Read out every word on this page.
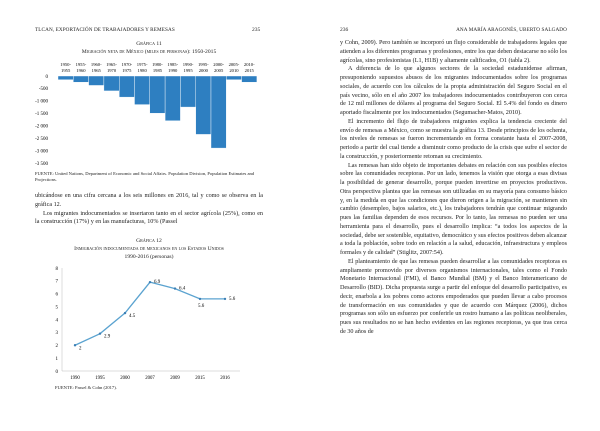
TLCAN, EXPORTACIÓN DE TRABAJADORES Y REMESAS	235
Gráfica 11
Migración neta de México (miles de personas): 1950-2015
0
-500
-1 000
-1 500
-2 000
-2 500
-3 000
-3 500
1950-
1955
1955-
1960
1960-
1965
1965-
1970
1970-
1975
1975-
1980
1980-
1985
1985-
1990
1990-
1995
1995-
2000
2000-
2005
2005-
2010
2010-
2015
FUENTE: United Nations, Department of Economic and Social Affairs. Population Division, Population Estimates and Projections.

ubicándose en una cifra cercana a los seis millones en 2016, tal y como se observa en la gráfica 12.

Los migrantes indocumentados se insertaron tanto en el sector agrícola (25%), como en la construcción (17%) y en las manufacturas, 10% (Passel

Gráfica 12
Inmigración indocumentada de mexicanos en los Estados Unidos
1990-2016 (personas)
0
1
2
3
4
5
6
7
8
2
1990
2.9
1995
4.5
2000
6.9
2007
6.4
2009
5.6
2015
5.6
2016
FUENTE: Passel & Cohn (2017).
236	ANA MARÍA ARAGONÉS, UBERTO SALGADO

y Cohn, 2009). Pero también se incorporó un flujo considerable de trabajadores legales que atienden a los diferentes programas y profesiones, entre los que deben destacarse no sólo los agrícolas, sino profesionistas (L1, H1B) y altamente calificados, O1 (tabla 2).

A diferencia de lo que algunos sectores de la sociedad estadunidense afirman, presuponiendo supuestos abusos de los migrantes indocumentados sobre los programas sociales, de acuerdo con los cálculos de la propia administración del Seguro Social en el país vecino, sólo en el año 2007 los trabajadores indocumentados contribuyeron con cerca de 12 mil millones de dólares al programa del Seguro Social. El 5.4% del fondo es dinero aportado fiscalmente por los indocumentados (Segumacher-Matos, 2010).

El incremento del flujo de trabajadores migrantes explica la tendencia creciente del envío de remesas a México, como se muestra la gráfica 13. Desde principios de los ochenta, los niveles de remesas se fueron incrementando en forma constante hasta el 2007-2008, periodo a partir del cual tiende a disminuir como producto de la crisis que sufre el sector de la construcción, y posteriormente retoman su crecimiento.

Las remesas han sido objeto de importantes debates en relación con sus posibles efectos sobre las comunidades receptoras. Por un lado, tenemos la visión que otorga a esas divisas la posibilidad de generar desarrollo, porque pueden invertirse en proyectos productivos. Otra perspectiva plantea que las remesas son utilizadas en su mayoría para consumo básico y, en la medida en que las condiciones que dieron origen a la migración, se mantienen sin cambio (desempleo, bajos salarios, etc.), los trabajadores tendrán que continuar migrando pues las familias dependen de esos recursos. Por lo tanto, las remesas no pueden ser una herramienta para el desarrollo, pues el desarrollo implica: “a todos los aspectos de la sociedad, debe ser sostenible, equitativo, democrático y sus efectos positivos deben alcanzar a toda la población, sobre todo en relación a la salud, educación, infraestructura y empleos formales y de calidad” (Stiglitz, 2007:54).

El planteamiento de que las remesas pueden desarrollar a las comunidades receptoras es ampliamente promovido por diversos organismos internacionales, tales como el Fondo Monetario Internacional (FMI), el Banco Mundial (BM) y el Banco Interamericano de Desarrollo (BID). Dicha propuesta surge a partir del enfoque del desarrollo participativo, es decir, enarbola a los pobres como actores empoderados que pueden llevar a cabo procesos de transformación en sus comunidades y que de acuerdo con Márquez (2006), dichos programas son sólo un esfuerzo por conferirle un rostro humano a las políticas neoliberales, pues sus resultados no se han hecho evidentes en las regiones receptoras, ya que tras cerca de 30 años de
